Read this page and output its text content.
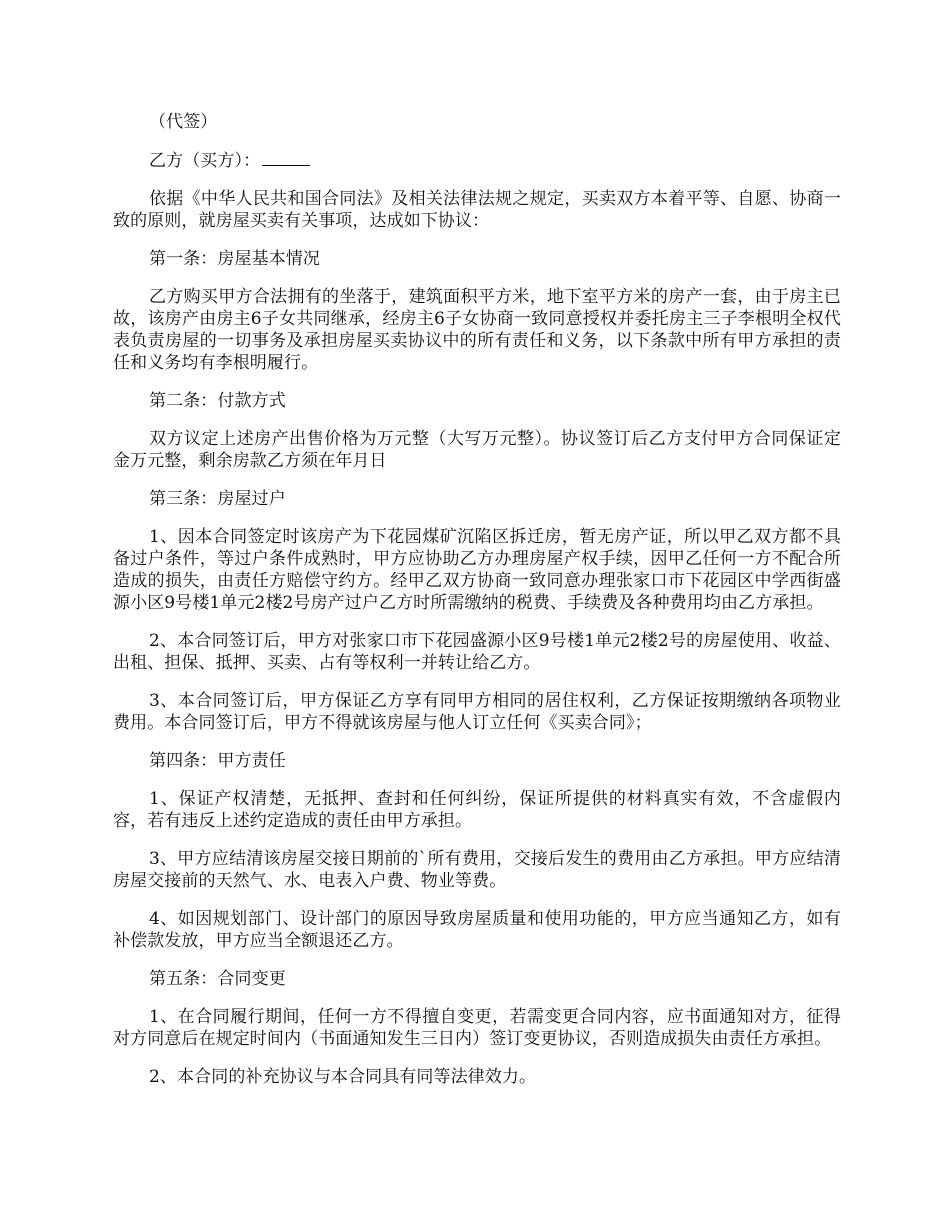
（代签）

乙方（买方）：

依据《中华人民共和国合同法》及相关法律法规之规定，买卖双方本着平等、自愿、协商一致的原则，就房屋买卖有关事项，达成如下协议：

第一条：房屋基本情况

乙方购买甲方合法拥有的坐落于，建筑面积平方米，地下室平方米的房产一套，由于房主已故，该房产由房主6子女共同继承，经房主6子女协商一致同意授权并委托房主三子李根明全权代表负责房屋的一切事务及承担房屋买卖协议中的所有责任和义务，以下条款中所有甲方承担的责任和义务均有李根明履行。

第二条：付款方式

双方议定上述房产出售价格为万元整（大写万元整）。协议签订后乙方支付甲方合同保证定金万元整，剩余房款乙方须在年月日

第三条：房屋过户

1、因本合同签定时该房产为下花园煤矿沉陷区拆迁房，暂无房产证，所以甲乙双方都不具备过户条件，等过户条件成熟时，甲方应协助乙方办理房屋产权手续，因甲乙任何一方不配合所造成的损失，由责任方赔偿守约方。经甲乙双方协商一致同意办理张家口市下花园区中学西街盛源小区9号楼1单元2楼2号房产过户乙方时所需缴纳的税费、手续费及各种费用均由乙方承担。

2、本合同签订后，甲方对张家口市下花园盛源小区9号楼1单元2楼2号的房屋使用、收益、出租、担保、抵押、买卖、占有等权利一并转让给乙方。

3、本合同签订后，甲方保证乙方享有同甲方相同的居住权利，乙方保证按期缴纳各项物业费用。本合同签订后，甲方不得就该房屋与他人订立任何《买卖合同》；

第四条：甲方责任

1、保证产权清楚，无抵押、查封和任何纠纷，保证所提供的材料真实有效，不含虚假内容，若有违反上述约定造成的责任由甲方承担。

3、甲方应结清该房屋交接日期前的`所有费用，交接后发生的费用由乙方承担。甲方应结清房屋交接前的天然气、水、电表入户费、物业等费。

4、如因规划部门、设计部门的原因导致房屋质量和使用功能的，甲方应当通知乙方，如有补偿款发放，甲方应当全额退还乙方。

第五条：合同变更

1、在合同履行期间，任何一方不得擅自变更，若需变更合同内容，应书面通知对方，征得对方同意后在规定时间内（书面通知发生三日内）签订变更协议，否则造成损失由责任方承担。

2、本合同的补充协议与本合同具有同等法律效力。
